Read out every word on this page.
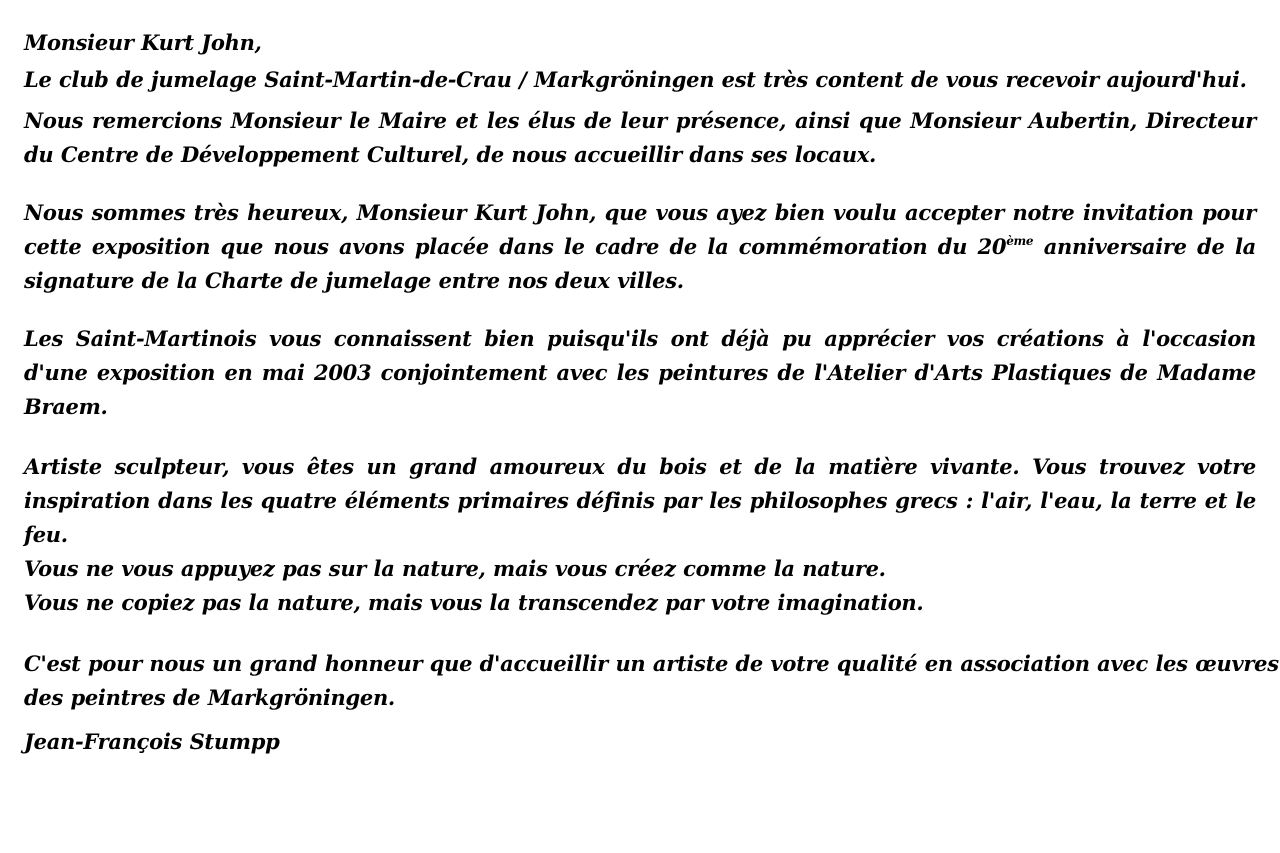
Monsieur Kurt John,
Le club de jumelage Saint-Martin-de-Crau / Markgröningen est très content de vous recevoir aujourd'hui.
Nous remercions Monsieur le Maire et les élus de leur présence, ainsi que Monsieur Aubertin, Directeur
du Centre de Développement Culturel, de nous accueillir dans ses locaux.
Nous sommes très heureux, Monsieur Kurt John, que vous ayez bien voulu accepter notre invitation pour
cette exposition que nous avons placée dans le cadre de la commémoration du 20ème anniversaire de la
signature de la Charte de jumelage entre nos deux villes.
Les Saint-Martinois vous connaissent bien puisqu'ils ont déjà pu apprécier vos créations à l'occasion
d'une exposition en mai 2003 conjointement avec les peintures de l'Atelier d'Arts Plastiques de Madame
Braem.
Artiste sculpteur, vous êtes un grand amoureux du bois et de la matière vivante. Vous trouvez votre
inspiration dans les quatre éléments primaires définis par les philosophes grecs : l'air, l'eau, la terre et le
feu.
Vous ne vous appuyez pas sur la nature, mais vous créez comme la nature.
Vous ne copiez pas la nature, mais vous la transcendez par votre imagination.
C'est pour nous un grand honneur que d'accueillir un artiste de votre qualité en association avec les œuvres
des peintres de Markgröningen.
Jean-François Stumpp
